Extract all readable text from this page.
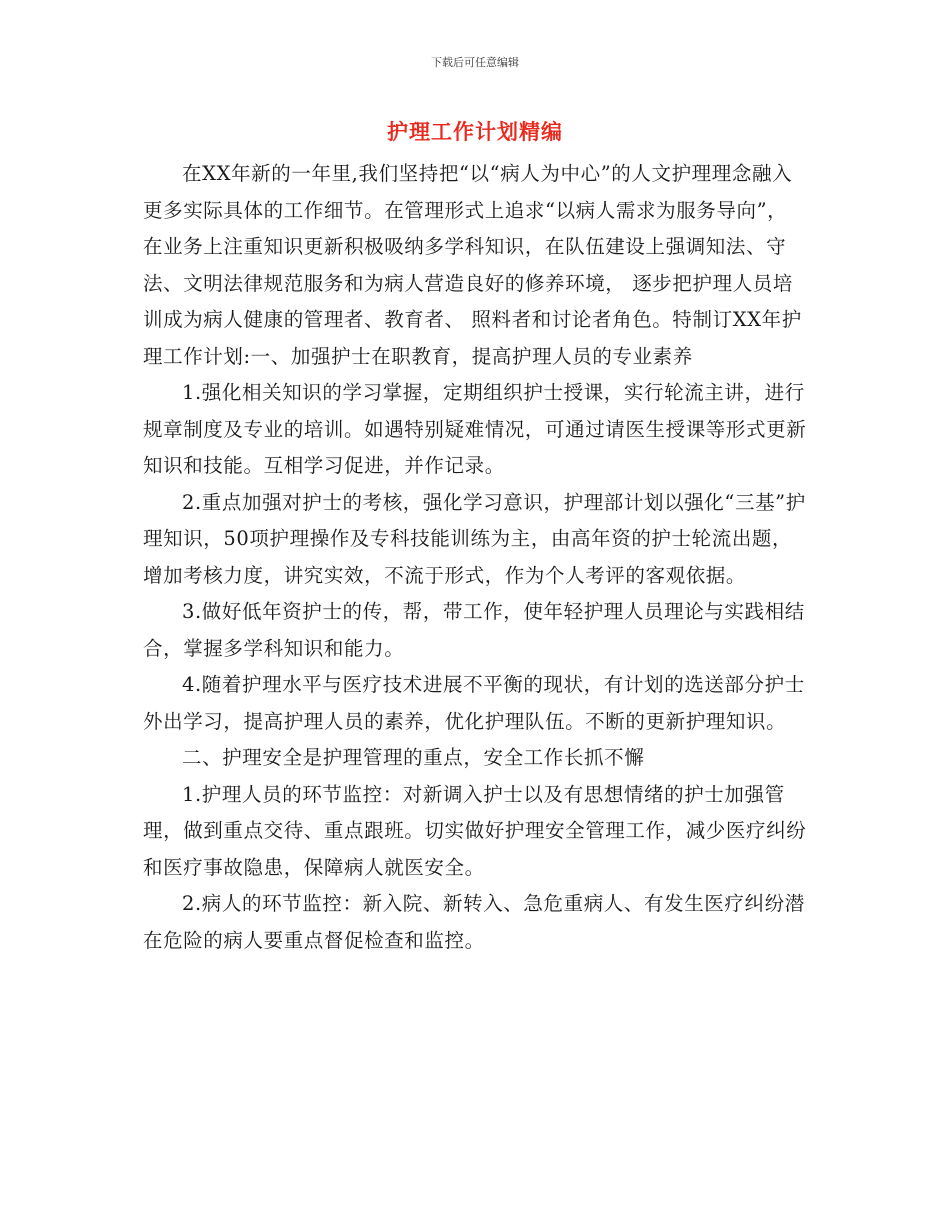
下载后可任意编辑
护理工作计划精编

在XX年新的一年里,我们坚持把“以“病人为中心”的人文护理理念融入更多实际具体的工作细节。在管理形式上追求“以病人需求为服务导向”， 在业务上注重知识更新积极吸纳多学科知识，在队伍建设上强调知法、守法、文明法律规范服务和为病人营造良好的修养环境， 逐步把护理人员培训成为病人健康的管理者、教育者、 照料者和讨论者角色。特制订XX年护理工作计划:一、加强护士在职教育，提高护理人员的专业素养

1.强化相关知识的学习掌握，定期组织护士授课，实行轮流主讲，进行规章制度及专业的培训。如遇特别疑难情况，可通过请医生授课等形式更新知识和技能。互相学习促进，并作记录。

2.重点加强对护士的考核，强化学习意识，护理部计划以强化“三基”护理知识，50项护理操作及专科技能训练为主，由高年资的护士轮流出题，增加考核力度，讲究实效，不流于形式，作为个人考评的客观依据。

3.做好低年资护士的传，帮，带工作，使年轻护理人员理论与实践相结合，掌握多学科知识和能力。

4.随着护理水平与医疗技术进展不平衡的现状，有计划的选送部分护士外出学习，提高护理人员的素养，优化护理队伍。不断的更新护理知识。

二、护理安全是护理管理的重点，安全工作长抓不懈

1.护理人员的环节监控：对新调入护士以及有思想情绪的护士加强管理，做到重点交待、重点跟班。切实做好护理安全管理工作，减少医疗纠纷和医疗事故隐患，保障病人就医安全。

2.病人的环节监控：新入院、新转入、急危重病人、有发生医疗纠纷潜在危险的病人要重点督促检查和监控。
